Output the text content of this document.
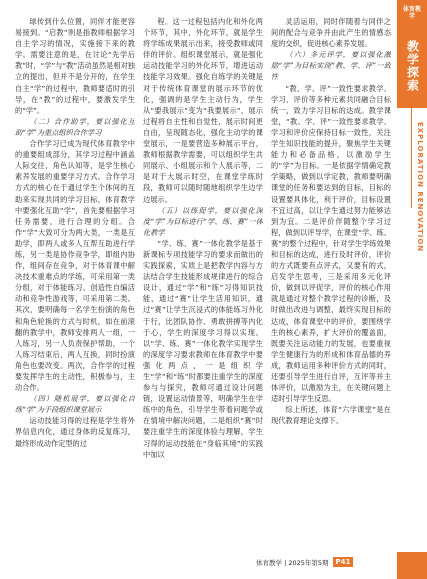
球传到什么位置，同伴才能更容易接到。“启教”则是指教师根据学习自主学习的情况，实施接下来的教学。需要注意的是，在讨论“先学后教”时，“学”与“教”活动虽然是相对独立的提出，但并不是分开的，在学生自主“学”的过程中，教师要适时的引导，在“教”的过程中，要激发学生的“学”。

（二）合作助学，要以强化互助“学”为重点组织合作学习

合作学习已成为现代体育教学中的重要组成部分，其学习过程中涵盖人际交往，角色认知等，是学生核心素养发展的重要学习方式。合作学习方式的核心在于通过学生个体间的互助来实现共同的学习目标，体育教学中要强化互助“学”，首先要根据学习任务需要，进行合理的分组。合作“学”大致可分为两大类，一类是互助学，即两人或多人互帮互助进行学练，另一类是协作竞争学，即组内协作，组间存在竞争，对于体育课中解决技术重难点的学练，可采用第一类分组，对于体能练习、创造性自编活动和竞争性游戏等，可采用第二类。其次，要明确每一名学生扮演的角色和角色轮换的方式与时机，如在前滚翻的教学中，教师安排两人一组，一人练习，另一人负责保护帮助，一个人练习结束后，两人互换，同时扮演角色也要改变。两次，合作学的过程要发挥学生的主动性，积极参与，主动合作。

（四）随机展学，要以强化自练“学”为手段组织课堂展示

运动技能习得的过程是学生将外界信息内化，通过身体的反复练习，最终形成动作定型的过

程。这一过程包括内化和外化两个环节，其中，外化环节，就是学生将学练成果展示出来，接受教师或同伴的评价。组织课堂展示，就是强化运动技能学习的外化环节，增进运动技能学习效果。强化自练学的关键是对于传统体育课堂的展示环节的优化，强调的是学生主动行为，学生从“要我展示”变为“我要展示”，展示过程将自主性和自觉性，展示时间更自由，呈现随态化，强化主动学的课堂展示，一是要营造多种展示平台，教师根据教学需要，可以组织学生共同展示、小组展示和个人展示等，二是对于大展示时空，在课堂学练时段，教师可以随时随地组织学生边学边展示。

（五）以练促学，要以强化深度“学”为目标进行“学、练、赛”一体化教学

“学、练、赛”一体化教学是基于新课标专项技能学习的要求而做出的实践探索，实质上是把教学内容与方法结合学生技能形成规律进行的综合设计，通过“学”和“练”习得知识技能，通过“赛”让学生活用知识，通过“赛”让学生沉浸式的体能练习外化于行，比团队协作、勇敢拼搏等内化于心，学生的深度学习得以实现。以“学、练、赛”一体化教学实现学生的深度学习要求教师在体育教学中要强化两点，一是组织学生“学”和“练”时都要注重学生的深度参与与探究，教师可通过设计问题链，设置运动情景等，明确学生在学练中的角色，引导学生带着问题学或在情境中解决问题，二是组织“赛”时要注重学生的深度体验与理解，学生习得的运动技能在“身临其境”的实践中加以

灵活运用，同时伴随着与同伴之间的配合与竞争并由此产生的情感态度的交织，促进核心素养发展。

（六）多元评学，要以强化激励“学”为目标实现“教、学、评”一致性

“教、学、评”一致性要求教学、学习、评价等多种元素共同融合目标统一，致力学习目标的达成。教学课堂，“教、学、评”一致性要求教学、学习和评价应保持目标一致性，关注学生知识技能的提升，聚焦学生关键能力和必备品格，以激励学生的“学”为目标。一是依据学情确定教学策略，做到以学定教，教师要明确课堂的任务和要达到的目标，目标的设置要具体化，利于评价，目标设置不宜过高，以让学生通过努力能够达到为宜。二是评价伴随整个学习过程，做到以评导学，在课堂“学、练、赛”的整个过程中，针对学生学练效果和目标的达成，进行及时评价，评价的方式既要有点评式，又要有的式，启发学生思考，三是采用多元化评价，做到以评促学，评价的核心作用就是通过对整个教学过程的诊断，及时做出改进与调整，最终实现目标的达成，体育课堂中的评价，要围绕学生的核心素养，扩大评价的覆盖面，既要关注运动能力的发展，也要重视学生健康行为的形成和体育品德的养成，教师运用多种评价方式的同时，还要引导学生进行自评，互评等并主体评价，以激励为主，在关键问题上适时引导学生反思。

综上所述，体育“六学课堂”是在现代教育理论支撑下、

体育教学
教学探索
EXPLORATION RENOVATION
体育教学 | 2025年第5期	P41
